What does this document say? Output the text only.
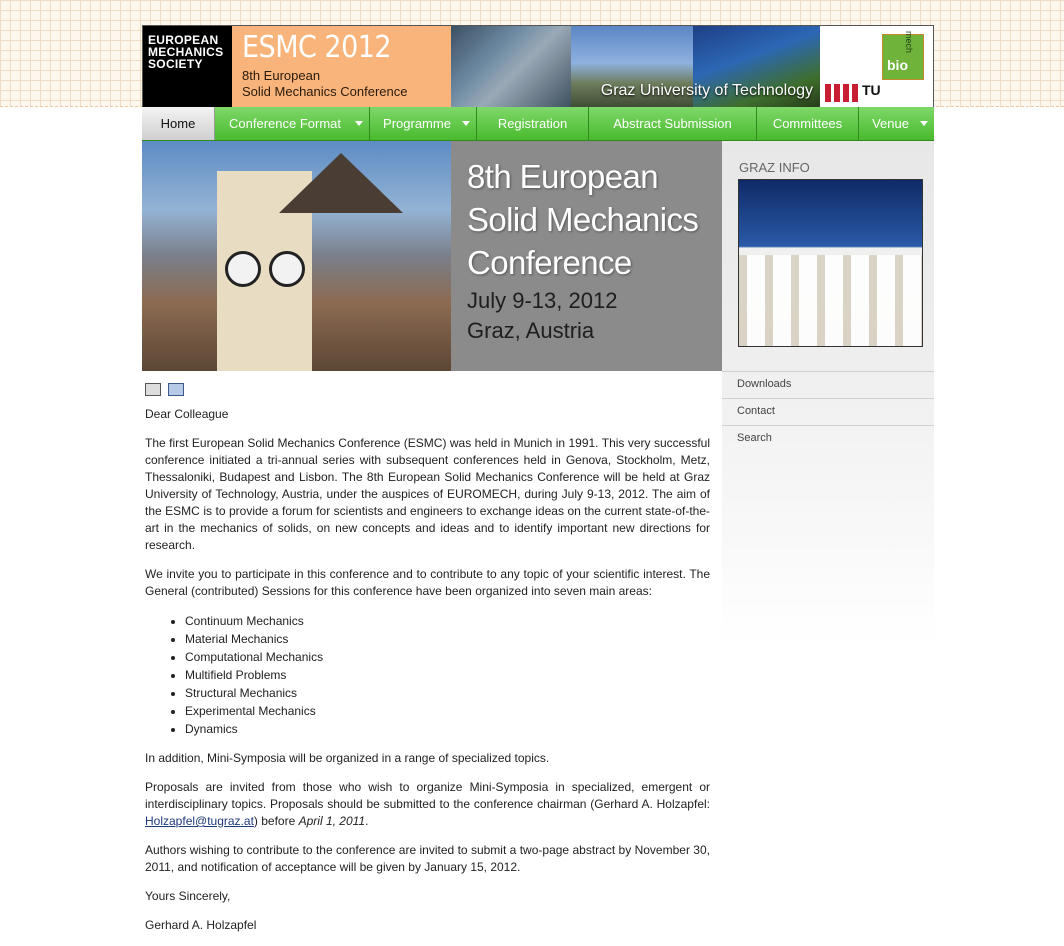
EUROPEAN
MECHANICS
SOCIETY	ESMC 2012
8th European
Solid Mechanics Conference	Graz University of Technology
mech
bio
TU
Home	Conference Format	Programme	Registration	Abstract Submission	Committees	Venue
8th European
Solid Mechanics
Conference
July 9-13, 2012
Graz, Austria
GRAZ INFO
Downloads
Contact
Search

Dear Colleague

The first European Solid Mechanics Conference (ESMC) was held in Munich in 1991. This very successful conference initiated a tri-annual series with subsequent conferences held in Genova, Stockholm, Metz, Thessaloniki, Budapest and Lisbon. The 8th European Solid Mechanics Conference will be held at Graz University of Technology, Austria, under the auspices of EUROMECH, during July 9-13, 2012. The aim of the ESMC is to provide a forum for scientists and engineers to exchange ideas on the current state-of-the-art in the mechanics of solids, on new concepts and ideas and to identify important new directions for research.

We invite you to participate in this conference and to contribute to any topic of your scientific interest. The General (contributed) Sessions for this conference have been organized into seven main areas:

• Continuum Mechanics
• Material Mechanics
• Computational Mechanics
• Multifield Problems
• Structural Mechanics
• Experimental Mechanics
• Dynamics

In addition, Mini-Symposia will be organized in a range of specialized topics.

Proposals are invited from those who wish to organize Mini-Symposia in specialized, emergent or interdisciplinary topics. Proposals should be submitted to the conference chairman (Gerhard A. Holzapfel: Holzapfel@tugraz.at) before April 1, 2011.

Authors wishing to contribute to the conference are invited to submit a two-page abstract by November 30, 2011, and notification of acceptance will be given by January 15, 2012.

Yours Sincerely,

Gerhard A. Holzapfel
